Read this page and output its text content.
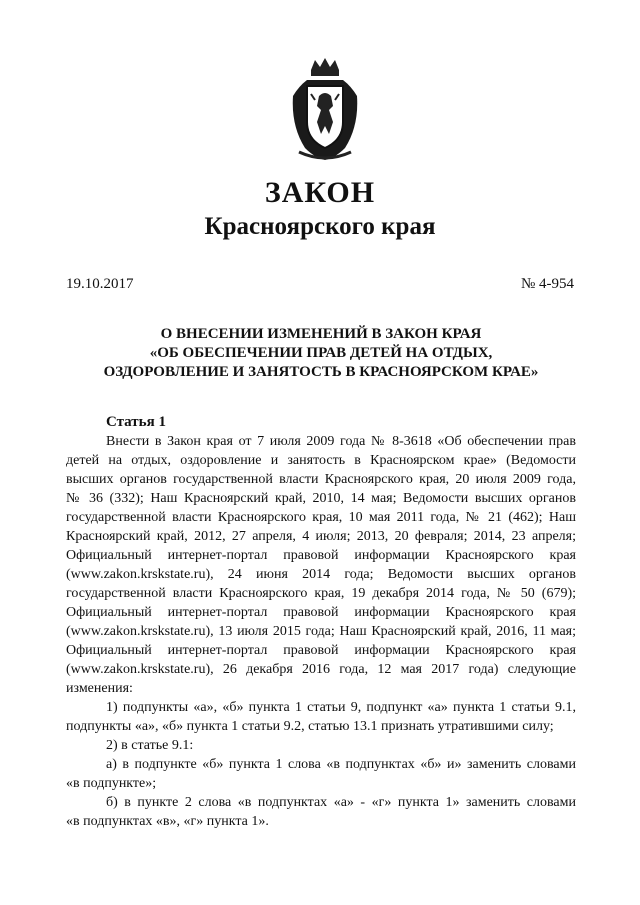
ЗАКОН
Красноярского края
19.10.2017	№ 4-954
О ВНЕСЕНИИ ИЗМЕНЕНИЙ В ЗАКОН КРАЯ
«ОБ ОБЕСПЕЧЕНИИ ПРАВ ДЕТЕЙ НА ОТДЫХ,
ОЗДОРОВЛЕНИЕ И ЗАНЯТОСТЬ В КРАСНОЯРСКОМ КРАЕ»
Статья 1
Внести в Закон края от 7 июля 2009 года № 8-3618 «Об обеспечении прав
детей на отдых, оздоровление и занятость в Красноярском крае» (Ведомости
высших органов государственной власти Красноярского края, 20 июля 2009 года,
№ 36 (332); Наш Красноярский край, 2010, 14 мая; Ведомости высших органов
государственной власти Красноярского края, 10 мая 2011 года, № 21 (462); Наш
Красноярский край, 2012, 27 апреля, 4 июля; 2013, 20 февраля; 2014, 23 апреля;
Официальный интернет-портал правовой информации Красноярского края
(www.zakon.krskstate.ru), 24 июня 2014 года; Ведомости высших органов
государственной власти Красноярского края, 19 декабря 2014 года, № 50 (679);
Официальный интернет-портал правовой информации Красноярского края
(www.zakon.krskstate.ru), 13 июля 2015 года; Наш Красноярский край, 2016, 11 мая;
Официальный интернет-портал правовой информации Красноярского края
(www.zakon.krskstate.ru), 26 декабря 2016 года, 12 мая 2017 года) следующие
изменения:
1) подпункты «а», «б» пункта 1 статьи 9, подпункт «а» пункта 1 статьи 9.1,
подпункты «а», «б» пункта 1 статьи 9.2, статью 13.1 признать утратившими силу;
2) в статье 9.1:
а) в подпункте «б» пункта 1 слова «в подпунктах «б» и» заменить словами
«в подпункте»;
б) в пункте 2 слова «в подпунктах «а» - «г» пункта 1» заменить словами
«в подпунктах «в», «г» пункта 1».
